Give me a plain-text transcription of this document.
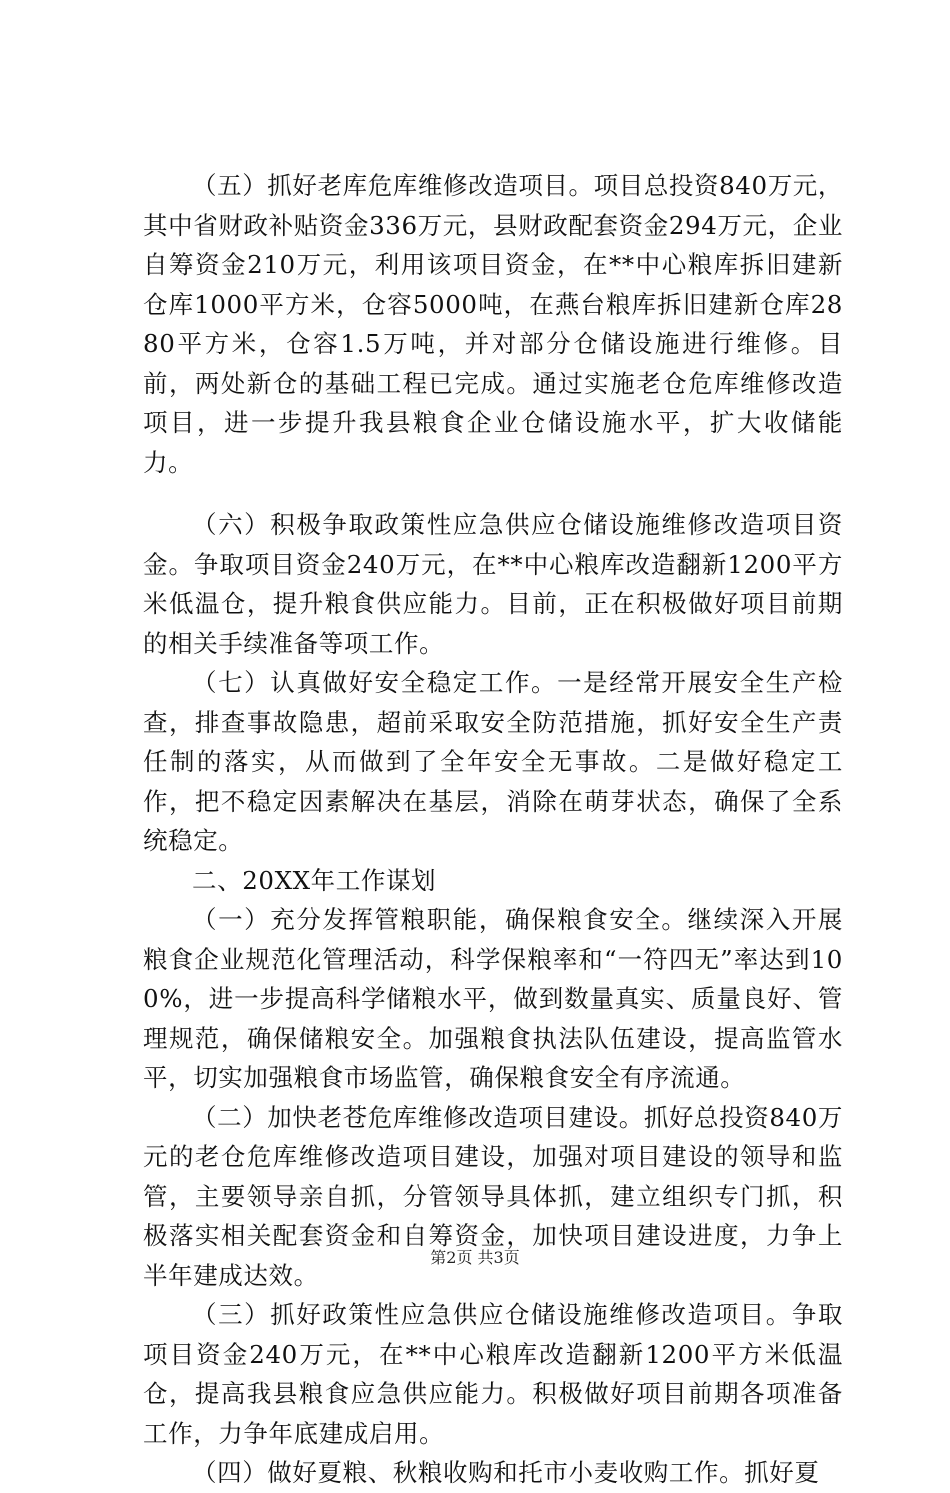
（五）抓好老库危库维修改造项目。项目总投资840万元，其中省财政补贴资金336万元，县财政配套资金294万元，企业自筹资金210万元，利用该项目资金，在**中心粮库拆旧建新仓库1000平方米，仓容5000吨，在燕台粮库拆旧建新仓库2880平方米，仓容1.5万吨，并对部分仓储设施进行维修。目前，两处新仓的基础工程已完成。通过实施老仓危库维修改造项目，进一步提升我县粮食企业仓储设施水平，扩大收储能力。

（六）积极争取政策性应急供应仓储设施维修改造项目资金。争取项目资金240万元，在**中心粮库改造翻新1200平方米低温仓，提升粮食供应能力。目前，正在积极做好项目前期的相关手续准备等项工作。

（七）认真做好安全稳定工作。一是经常开展安全生产检查，排查事故隐患，超前采取安全防范措施，抓好安全生产责任制的落实，从而做到了全年安全无事故。二是做好稳定工作，把不稳定因素解决在基层，消除在萌芽状态，确保了全系统稳定。

二、20XX年工作谋划

（一）充分发挥管粮职能，确保粮食安全。继续深入开展粮食企业规范化管理活动，科学保粮率和“一符四无”率达到100%，进一步提高科学储粮水平，做到数量真实、质量良好、管理规范，确保储粮安全。加强粮食执法队伍建设，提高监管水平，切实加强粮食市场监管，确保粮食安全有序流通。

（二）加快老苍危库维修改造项目建设。抓好总投资840万元的老仓危库维修改造项目建设，加强对项目建设的领导和监管，主要领导亲自抓，分管领导具体抓，建立组织专门抓，积极落实相关配套资金和自筹资金，加快项目建设进度，力争上半年建成达效。

（三）抓好政策性应急供应仓储设施维修改造项目。争取项目资金240万元，在**中心粮库改造翻新1200平方米低温仓，提高我县粮食应急供应能力。积极做好项目前期各项准备工作，力争年底建成启用。

（四）做好夏粮、秋粮收购和托市小麦收购工作。抓好夏

第2页 共3页
